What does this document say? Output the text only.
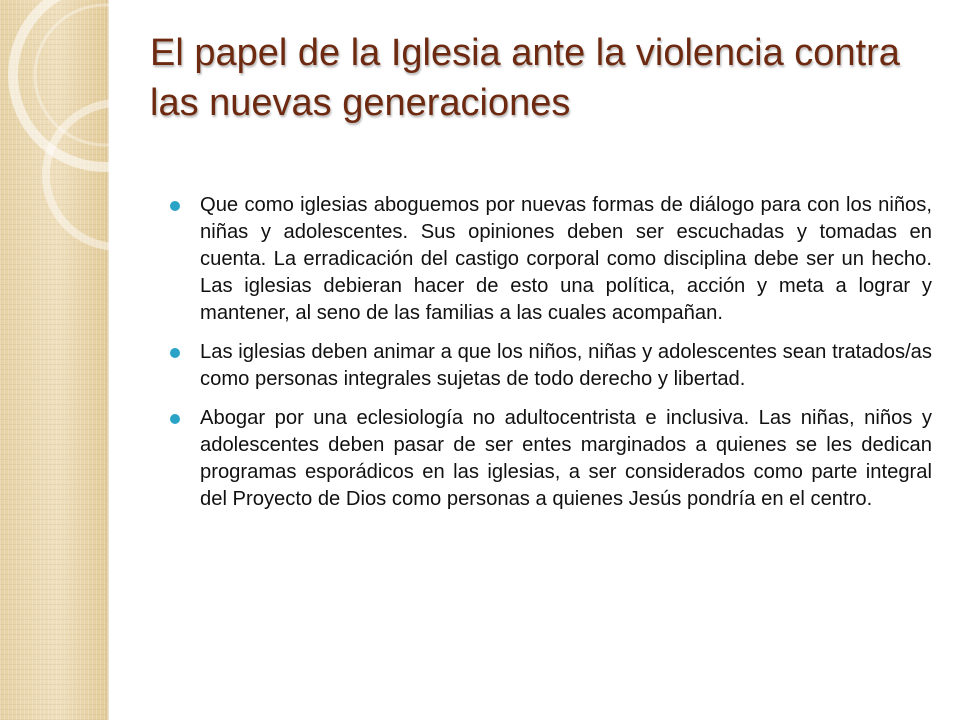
El papel de la Iglesia ante la violencia contra las nuevas generaciones
Que como iglesias aboguemos por nuevas formas de diálogo para con los niños, niñas y adolescentes. Sus opiniones deben ser escuchadas y tomadas en cuenta. La erradicación del castigo corporal como disciplina debe ser un hecho. Las iglesias debieran hacer de esto una política, acción y meta a lograr y mantener, al seno de las familias a las cuales acompañan.
Las iglesias deben animar a que los niños, niñas y adolescentes sean tratados/as como personas integrales sujetas de todo derecho y libertad.
Abogar por una eclesiología no adultocentrista e inclusiva. Las niñas, niños y adolescentes deben pasar de ser entes marginados a quienes se les dedican programas esporádicos en las iglesias, a ser considerados como parte integral del Proyecto de Dios como personas a quienes Jesús pondría en el centro.
